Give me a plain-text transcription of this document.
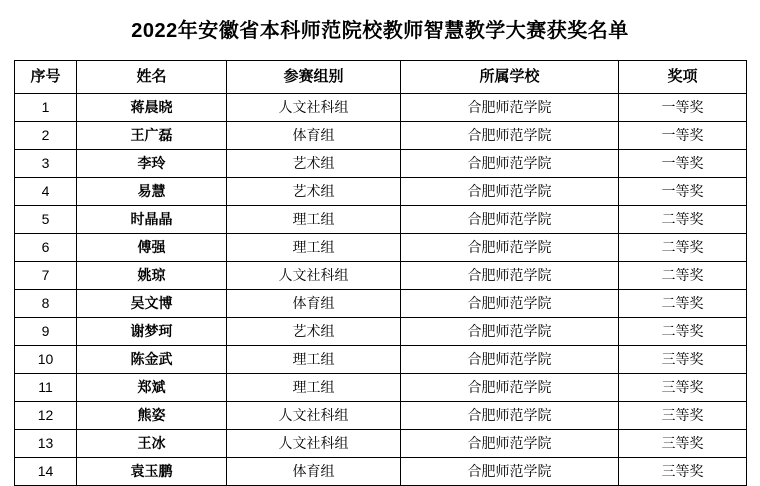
2022年安徽省本科师范院校教师智慧教学大赛获奖名单
序号	姓名	参赛组别	所属学校	奖项
1	蒋晨晓	人文社科组	合肥师范学院	一等奖
2	王广磊	体育组	合肥师范学院	一等奖
3	李玲	艺术组	合肥师范学院	一等奖
4	易慧	艺术组	合肥师范学院	一等奖
5	时晶晶	理工组	合肥师范学院	二等奖
6	傅强	理工组	合肥师范学院	二等奖
7	姚琼	人文社科组	合肥师范学院	二等奖
8	吴文博	体育组	合肥师范学院	二等奖
9	谢梦珂	艺术组	合肥师范学院	二等奖
10	陈金武	理工组	合肥师范学院	三等奖
11	郑斌	理工组	合肥师范学院	三等奖
12	熊姿	人文社科组	合肥师范学院	三等奖
13	王冰	人文社科组	合肥师范学院	三等奖
14	袁玉鹏	体育组	合肥师范学院	三等奖
